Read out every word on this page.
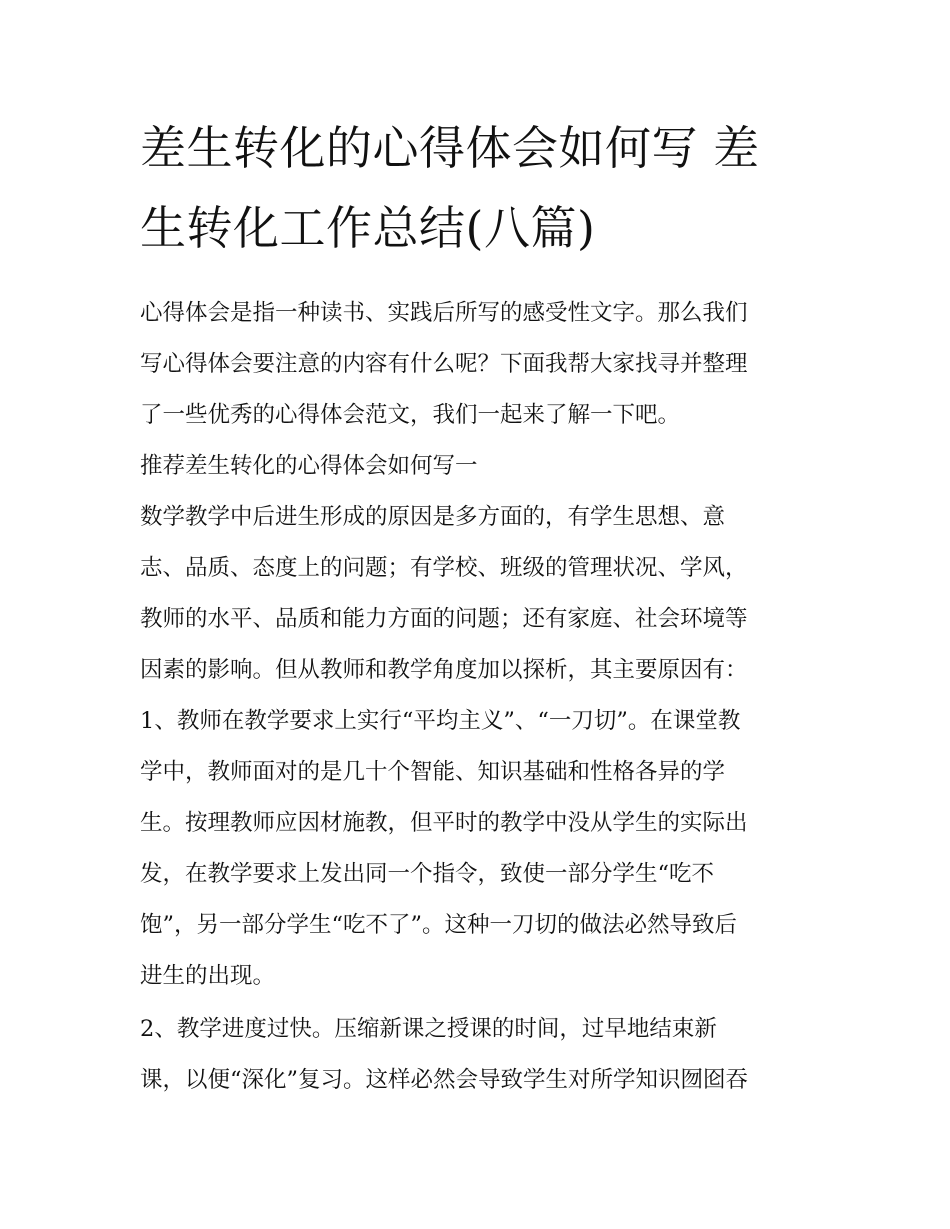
差生转化的心得体会如何写 差
生转化工作总结(八篇)
心得体会是指一种读书、实践后所写的感受性文字。那么我们
写心得体会要注意的内容有什么呢？下面我帮大家找寻并整理
了一些优秀的心得体会范文，我们一起来了解一下吧。
推荐差生转化的心得体会如何写一
数学教学中后进生形成的原因是多方面的，有学生思想、意
志、品质、态度上的问题；有学校、班级的管理状况、学风，
教师的水平、品质和能力方面的问题；还有家庭、社会环境等
因素的影响。但从教师和教学角度加以探析，其主要原因有：
1、教师在教学要求上实行“平均主义”、“一刀切”。在课堂教
学中，教师面对的是几十个智能、知识基础和性格各异的学
生。按理教师应因材施教，但平时的教学中没从学生的实际出
发，在教学要求上发出同一个指令，致使一部分学生“吃不
饱”，另一部分学生“吃不了”。这种一刀切的做法必然导致后
进生的出现。
2、教学进度过快。压缩新课之授课的时间，过早地结束新
课，以便“深化”复习。这样必然会导致学生对所学知识囫囵吞
